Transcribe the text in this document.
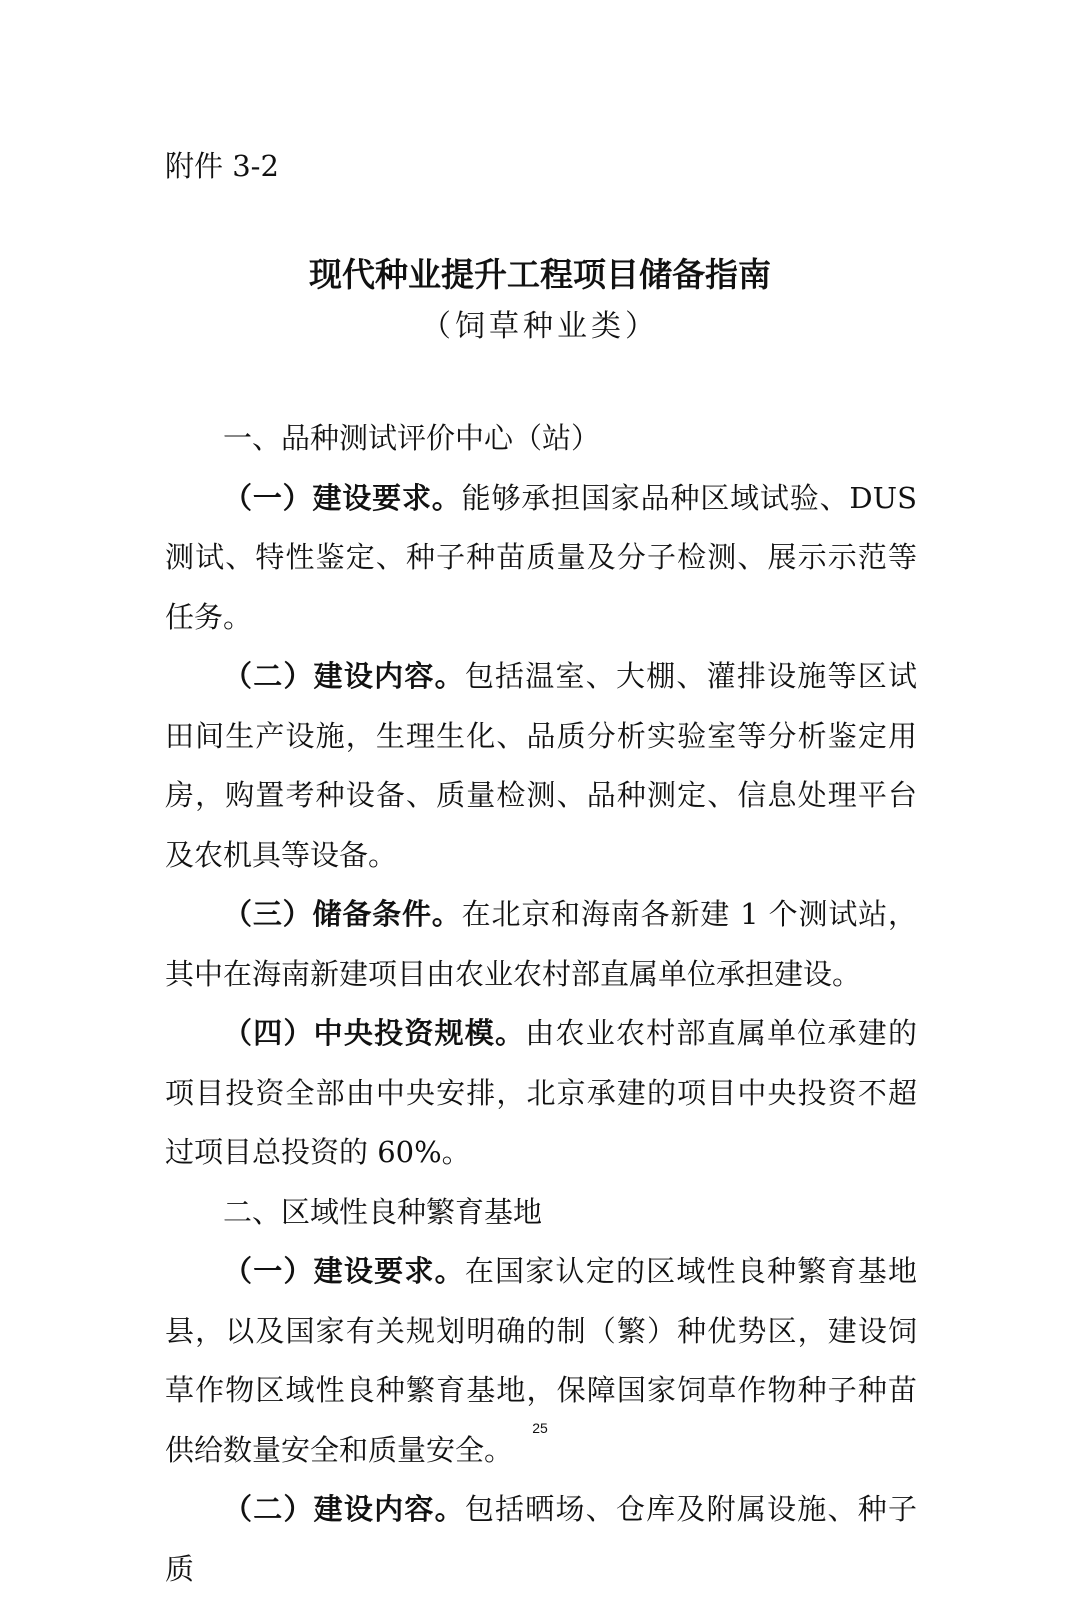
附件 3-2
现代种业提升工程项目储备指南
（饲草种业类）

一、品种测试评价中心（站）

（一）建设要求。能够承担国家品种区域试验、DUS 测试、特性鉴定、种子种苗质量及分子检测、展示示范等任务。

（二）建设内容。包括温室、大棚、灌排设施等区试田间生产设施，生理生化、品质分析实验室等分析鉴定用房，购置考种设备、质量检测、品种测定、信息处理平台及农机具等设备。

（三）储备条件。在北京和海南各新建 1 个测试站，其中在海南新建项目由农业农村部直属单位承担建设。

（四）中央投资规模。由农业农村部直属单位承建的项目投资全部由中央安排，北京承建的项目中央投资不超过项目总投资的 60%。

二、区域性良种繁育基地

（一）建设要求。在国家认定的区域性良种繁育基地县，以及国家有关规划明确的制（繁）种优势区，建设饲草作物区域性良种繁育基地，保障国家饲草作物种子种苗供给数量安全和质量安全。

（二）建设内容。包括晒场、仓库及附属设施、种子质

25
